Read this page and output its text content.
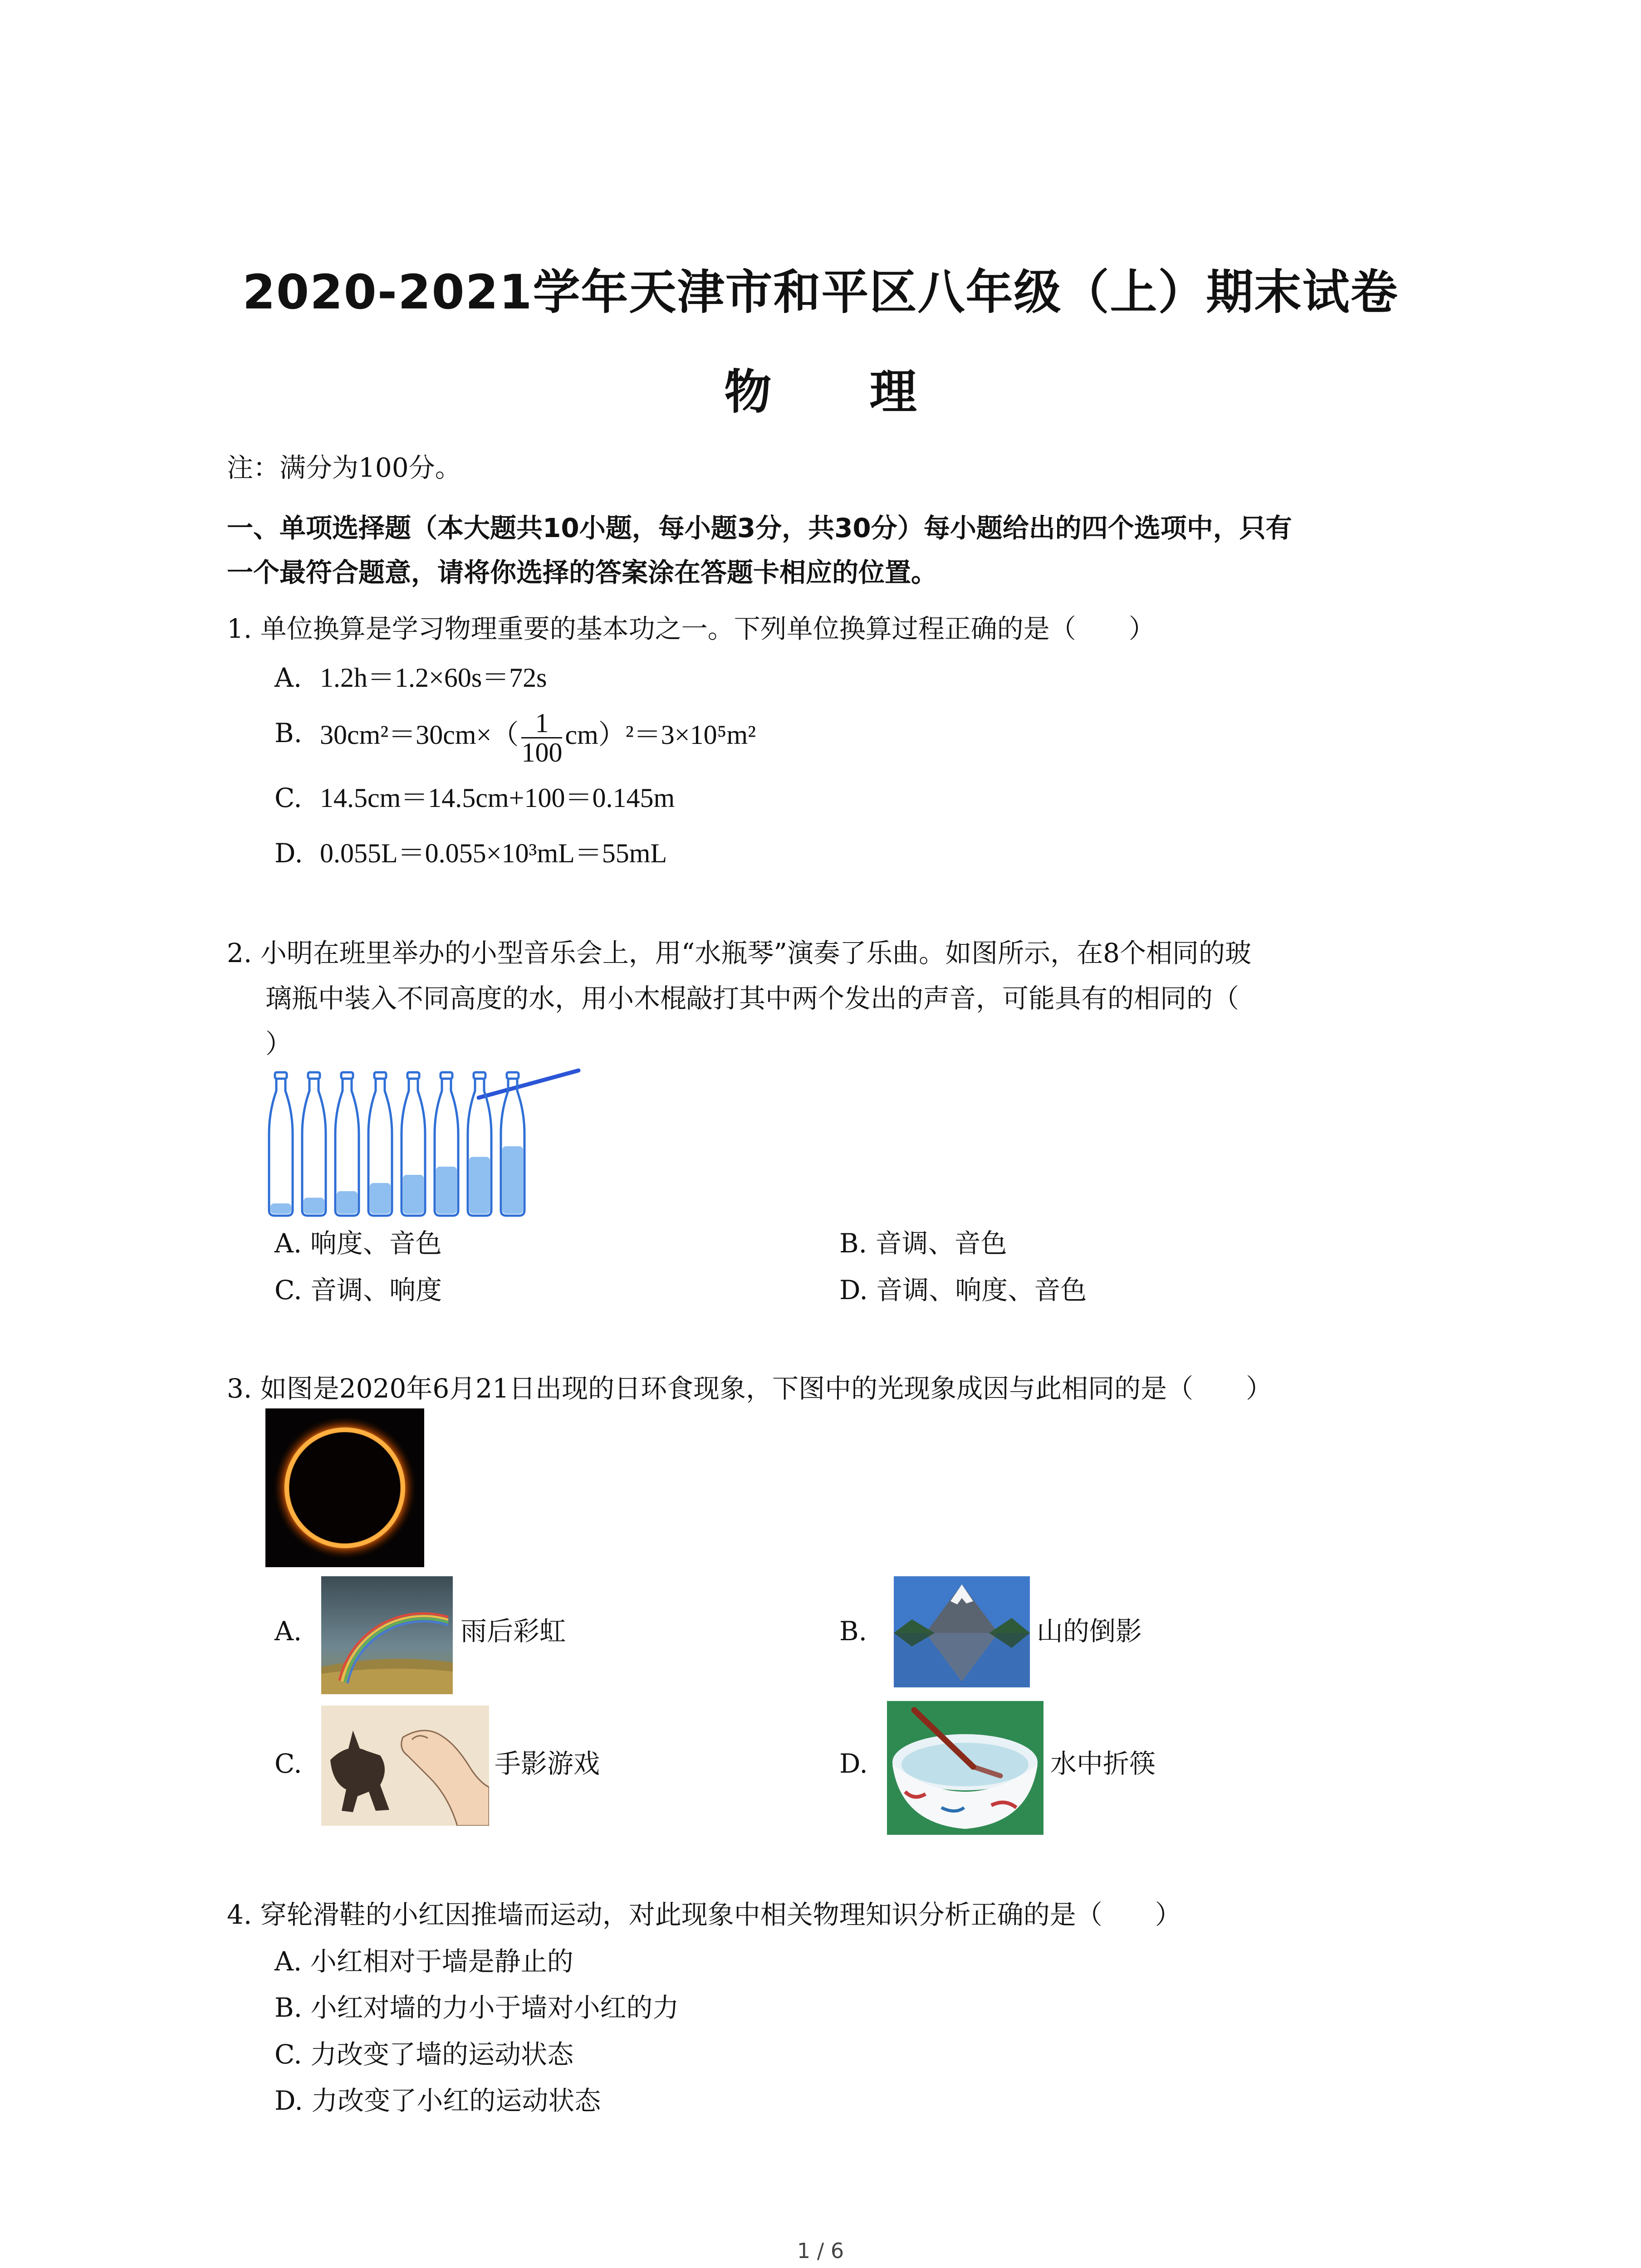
2020-2021学年天津市和平区八年级（上）期末试卷
物 理
注：满分为100分。
一、单项选择题（本大题共10小题，每小题3分，共30分）每小题给出的四个选项中，只有
一个最符合题意，请将你选择的答案涂在答题卡相应的位置。
1. 单位换算是学习物理重要的基本功之一。下列单位换算过程正确的是（　　）
A. 1.2h＝1.2×60s＝72s
B. $30cm^2=30cm\times( \frac{1}{100} cm)^2=3\times 10^5m^2$
C. 14.5cm＝14.5cm+100＝0.145m
D. 0.055L＝0.055×10³mL＝55mL
2. 小明在班里举办的小型音乐会上，用“水瓶琴”演奏了乐曲。如图所示，在8个相同的玻
璃瓶中装入不同高度的水，用小木棍敲打其中两个发出的声音，可能具有的相同的（
）
A. 响度、音色	B. 音调、音色
C. 音调、响度	D. 音调、响度、音色
3. 如图是2020年6月21日出现的日环食现象，下图中的光现象成因与此相同的是（　　）
A.	雨后彩虹	B.	山的倒影
C.	手影游戏	D.	水中折筷
4. 穿轮滑鞋的小红因推墙而运动，对此现象中相关物理知识分析正确的是（　　）
A. 小红相对于墙是静止的
B. 小红对墙的力小于墙对小红的力
C. 力改变了墙的运动状态
D. 力改变了小红的运动状态
1 / 6
